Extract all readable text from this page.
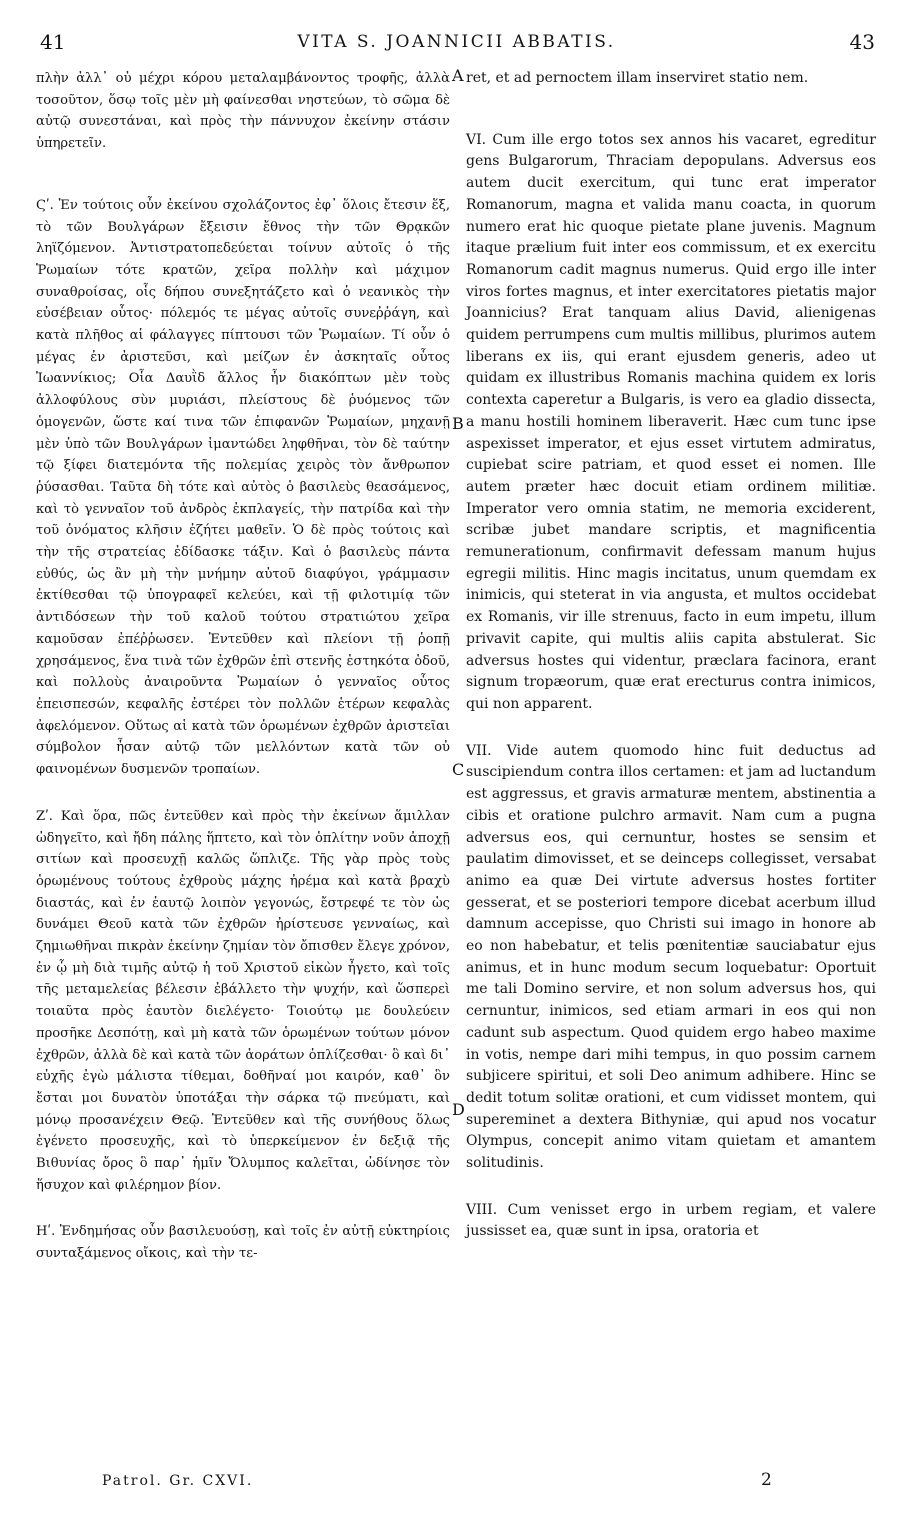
41	VITA S. JOANNICII ABBATIS.	43

πλὴν ἀλλ᾽ οὐ μέχρι κόρου μεταλαμβάνοντος τροφῆς, ἀλλὰ τοσοῦτον, ὅσῳ τοῖς μὲν μὴ φαίνεσθαι νηστεύων, τὸ σῶμα δὲ αὐτῷ συνεστάναι, καὶ πρὸς τὴν πάννυχον ἐκείνην στάσιν ὑπηρετεῖν.

Ϛʹ. Ἐν τούτοις οὖν ἐκείνου σχολάζοντος ἐφ᾽ ὅλοις ἔτεσιν ἕξ, τὸ τῶν Βουλγάρων ἔξεισιν ἔθνος τὴν τῶν Θρᾳκῶν ληϊζόμενον. Ἀντιστρατοπεδεύεται τοίνυν αὐτοῖς ὁ τῆς Ῥωμαίων τότε κρατῶν, χεῖρα πολλὴν καὶ μάχιμον συναθροίσας, οἷς δήπου συνεξητάζετο καὶ ὁ νεανικὸς τὴν εὐσέβειαν οὗτος· πόλεμός τε μέγας αὐτοῖς συνεῤῥάγη, καὶ κατὰ πλῆθος αἱ φάλαγγες πίπτουσι τῶν Ῥωμαίων. Τί οὖν ὁ μέγας ἐν ἀριστεῦσι, καὶ μείζων ἐν ἀσκηταῖς οὗτος Ἰωαννίκιος; Οἷα Δαυῒδ ἄλλος ἦν διακόπτων μὲν τοὺς ἀλλοφύλους σὺν μυριάσι, πλείστους δὲ ῥυόμενος τῶν ὁμογενῶν, ὥστε καί τινα τῶν ἐπιφανῶν Ῥωμαίων, μηχανῇ μὲν ὑπὸ τῶν Βουλγάρων ἱμαντώδει ληφθῆναι, τὸν δὲ ταύτην τῷ ξίφει διατεμόντα τῆς πολεμίας χειρὸς τὸν ἄνθρωπον ῥύσασθαι. Ταῦτα δὴ τότε καὶ αὐτὸς ὁ βασιλεὺς θεασάμενος, καὶ τὸ γενναῖον τοῦ ἀνδρὸς ἐκπλαγείς, τὴν πατρίδα καὶ τὴν τοῦ ὀνόματος κλῆσιν ἐζήτει μαθεῖν. Ὁ δὲ πρὸς τούτοις καὶ τὴν τῆς στρατείας ἐδίδασκε τάξιν. Καὶ ὁ βασιλεὺς πάντα εὐθύς, ὡς ἂν μὴ τὴν μνήμην αὐτοῦ διαφύγοι, γράμμασιν ἐκτίθεσθαι τῷ ὑπογραφεῖ κελεύει, καὶ τῇ φιλοτιμίᾳ τῶν ἀντιδόσεων τὴν τοῦ καλοῦ τούτου στρατιώτου χεῖρα καμοῦσαν ἐπέῤῥωσεν. Ἐντεῦθεν καὶ πλείονι τῇ ῥοπῇ χρησάμενος, ἕνα τινὰ τῶν ἐχθρῶν ἐπὶ στενῆς ἑστηκότα ὁδοῦ, καὶ πολλοὺς ἀναιροῦντα Ῥωμαίων ὁ γενναῖος οὗτος ἐπεισπεσών, κεφαλῆς ἐστέρει τὸν πολλῶν ἑτέρων κεφαλὰς ἀφελόμενον. Οὕτως αἱ κατὰ τῶν ὁρωμένων ἐχθρῶν ἀριστεῖαι σύμβολον ἦσαν αὐτῷ τῶν μελλόντων κατὰ τῶν οὐ φαινομένων δυσμενῶν τροπαίων.

Ζʹ. Καὶ ὅρα, πῶς ἐντεῦθεν καὶ πρὸς τὴν ἐκείνων ἅμιλλαν ὠδηγεῖτο, καὶ ἤδη πάλης ἥπτετο, καὶ τὸν ὁπλίτην νοῦν ἀποχῇ σιτίων καὶ προσευχῇ καλῶς ὥπλιζε. Τῆς γὰρ πρὸς τοὺς ὁρωμένους τούτους ἐχθροὺς μάχης ἠρέμα καὶ κατὰ βραχὺ διαστάς, καὶ ἐν ἑαυτῷ λοιπὸν γεγονώς, ἔστρεφέ τε τὸν ὡς δυνάμει Θεοῦ κατὰ τῶν ἐχθρῶν ἠρίστευσε γενναίως, καὶ ζημιωθῆναι πικρὰν ἐκείνην ζημίαν τὸν ὄπισθεν ἔλεγε χρόνον, ἐν ᾧ μὴ διὰ τιμῆς αὐτῷ ἡ τοῦ Χριστοῦ εἰκὼν ἦγετο, καὶ τοῖς τῆς μεταμελείας βέλεσιν ἐβάλλετο τὴν ψυχήν, καὶ ὥσπερεὶ τοιαῦτα πρὸς ἑαυτὸν διελέγετο· Τοιούτῳ με δουλεύειν προσῆκε Δεσπότῃ, καὶ μὴ κατὰ τῶν ὁρωμένων τούτων μόνον ἐχθρῶν, ἀλλὰ δὲ καὶ κατὰ τῶν ἀοράτων ὁπλίζεσθαι· ὃ καὶ δι᾽ εὐχῆς ἐγὼ μάλιστα τίθεμαι, δοθῆναί μοι καιρόν, καθ᾽ ὃν ἔσται μοι δυνατὸν ὑποτάξαι τὴν σάρκα τῷ πνεύματι, καὶ μόνῳ προσανέχειν Θεῷ. Ἐντεῦθεν καὶ τῆς συνήθους ὅλως ἐγένετο προσευχῆς, καὶ τὸ ὑπερκείμενον ἐν δεξιᾷ τῆς Βιθυνίας ὄρος ὃ παρ᾽ ἡμῖν Ὄλυμπος καλεῖται, ὠδίνησε τὸν ἥσυχον καὶ φιλέρημον βίον.

Ηʹ. Ἐνδημήσας οὖν βασιλευούσῃ, καὶ τοῖς ἐν αὐτῇ εὐκτηρίοις συνταξάμενος οἴκοις, καὶ τὴν τε-

ret, et ad pernoctem illam inserviret statio nem.

VI. Cum ille ergo totos sex annos his vacaret, egreditur gens Bulgarorum, Thraciam depopulans. Adversus eos autem ducit exercitum, qui tunc erat imperator Romanorum, magna et valida manu coacta, in quorum numero erat hic quoque pietate plane juvenis. Magnum itaque prælium fuit inter eos commissum, et ex exercitu Romanorum cadit magnus numerus. Quid ergo ille inter viros fortes magnus, et inter exercitatores pietatis major Joannicius? Erat tanquam alius David, alienigenas quidem perrumpens cum multis millibus, plurimos autem liberans ex iis, qui erant ejusdem generis, adeo ut quidam ex illustribus Romanis machina quidem ex loris contexta caperetur a Bulgaris, is vero ea gladio dissecta, a manu hostili hominem liberaverit. Hæc cum tunc ipse aspexisset imperator, et ejus esset virtutem admiratus, cupiebat scire patriam, et quod esset ei nomen. Ille autem præter hæc docuit etiam ordinem militiæ. Imperator vero omnia statim, ne memoria exciderent, scribæ jubet mandare scriptis, et magnificentia remunerationum, confirmavit defessam manum hujus egregii militis. Hinc magis incitatus, unum quemdam ex inimicis, qui steterat in via angusta, et multos occidebat ex Romanis, vir ille strenuus, facto in eum impetu, illum privavit capite, qui multis aliis capita abstulerat. Sic adversus hostes qui videntur, præclara facinora, erant signum tropæorum, quæ erat erecturus contra inimicos, qui non apparent.

VII. Vide autem quomodo hinc fuit deductus ad suscipiendum contra illos certamen: et jam ad luctandum est aggressus, et gravis armaturæ mentem, abstinentia a cibis et oratione pulchro armavit. Nam cum a pugna adversus eos, qui cernuntur, hostes se sensim et paulatim dimovisset, et se deinceps collegisset, versabat animo ea quæ Dei virtute adversus hostes fortiter gesserat, et se posteriori tempore dicebat acerbum illud damnum accepisse, quo Christi sui imago in honore ab eo non habebatur, et telis pœnitentiæ sauciabatur ejus animus, et in hunc modum secum loquebatur: Oportuit me tali Domino servire, et non solum adversus hos, qui cernuntur, inimicos, sed etiam armari in eos qui non cadunt sub aspectum. Quod quidem ergo habeo maxime in votis, nempe dari mihi tempus, in quo possim carnem subjicere spiritui, et soli Deo animum adhibere. Hinc se dedit totum solitæ orationi, et cum vidisset montem, qui supereminet a dextera Bithyniæ, qui apud nos vocatur Olympus, concepit animo vitam quietam et amantem solitudinis.

VIII. Cum venisset ergo in urbem regiam, et valere jussisset ea, quæ sunt in ipsa, oratoria et

A
B
C
D
Patrol. Gr. CXVI.	2
